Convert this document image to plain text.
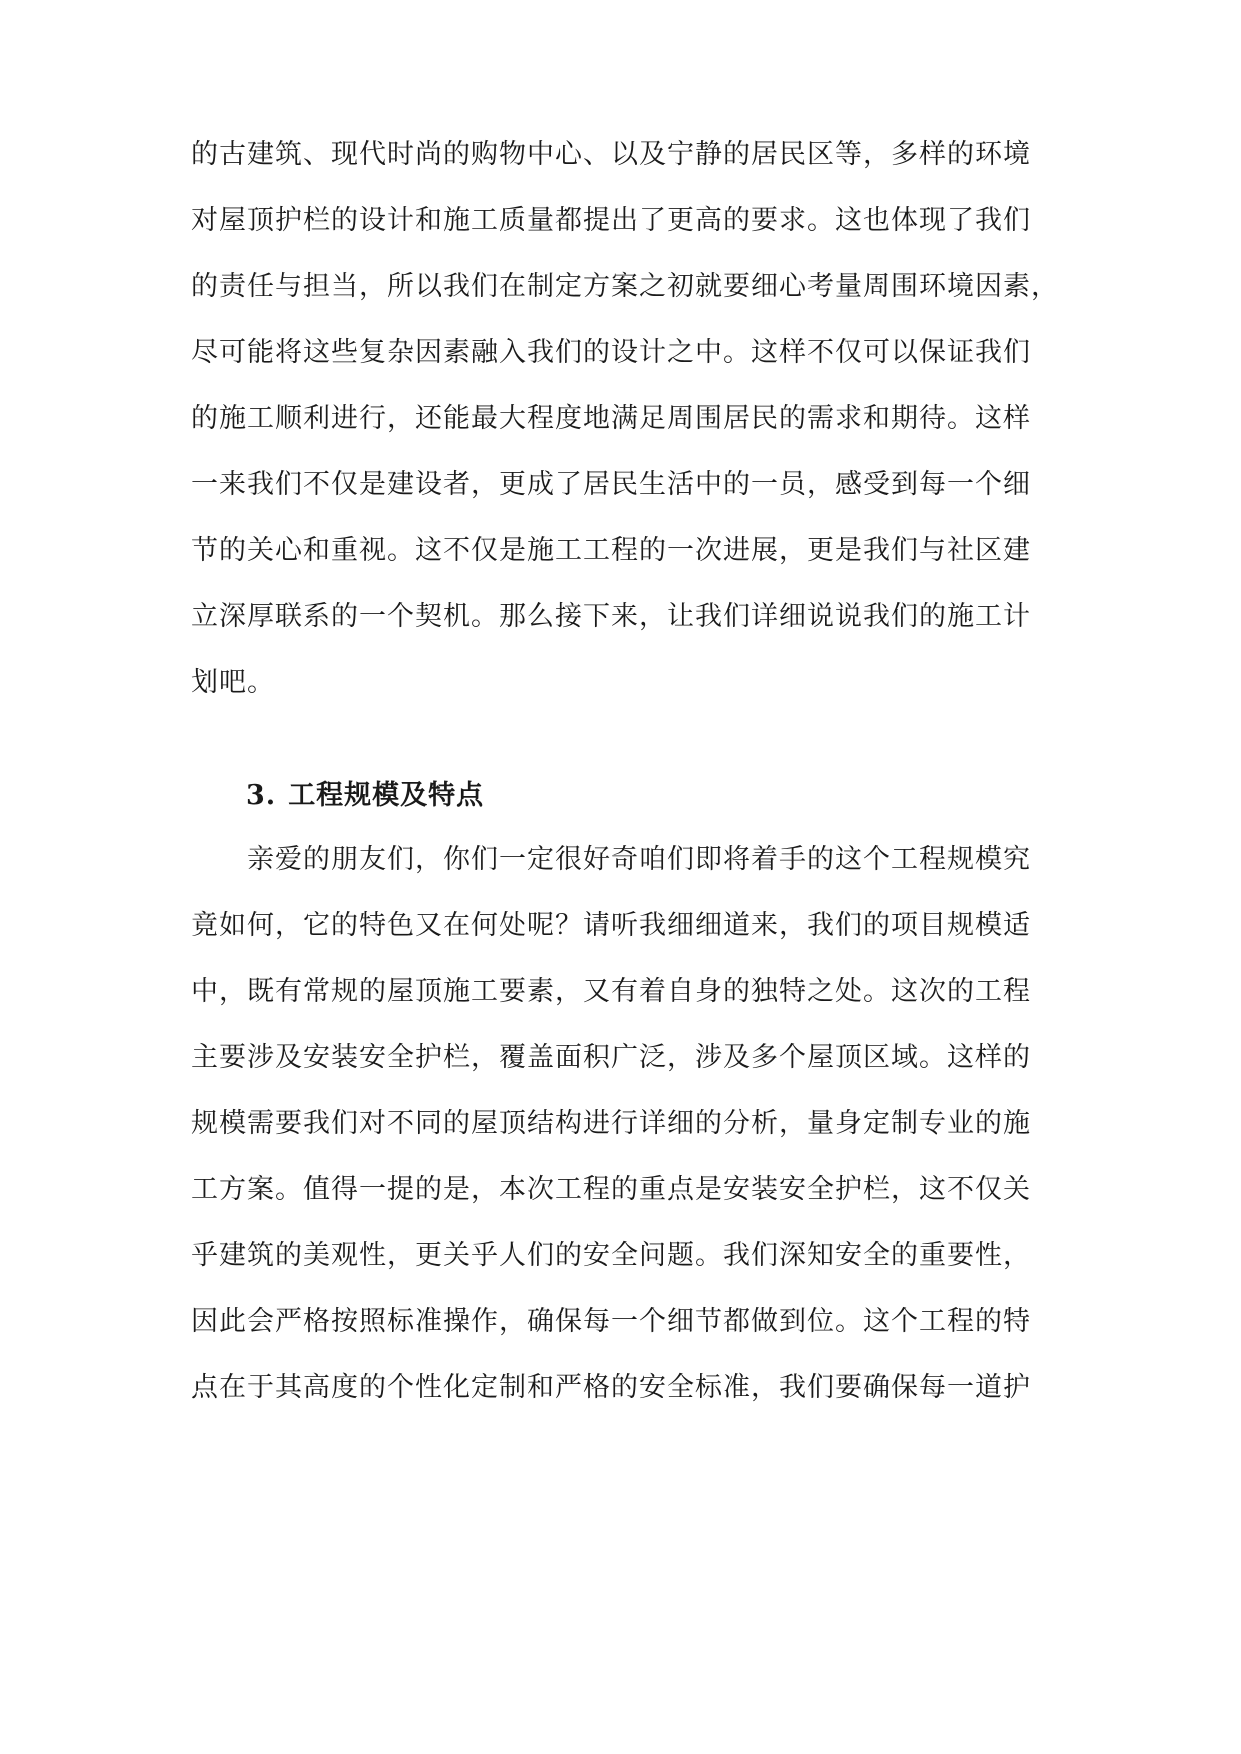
的古建筑、现代时尚的购物中心、以及宁静的居民区等，多样的环境
对屋顶护栏的设计和施工质量都提出了更高的要求。这也体现了我们
的责任与担当，所以我们在制定方案之初就要细心考量周围环境因素，
尽可能将这些复杂因素融入我们的设计之中。这样不仅可以保证我们
的施工顺利进行，还能最大程度地满足周围居民的需求和期待。这样
一来我们不仅是建设者，更成了居民生活中的一员，感受到每一个细
节的关心和重视。这不仅是施工工程的一次进展，更是我们与社区建
立深厚联系的一个契机。那么接下来，让我们详细说说我们的施工计
划吧。
3. 工程规模及特点
亲爱的朋友们，你们一定很好奇咱们即将着手的这个工程规模究
竟如何，它的特色又在何处呢？请听我细细道来，我们的项目规模适
中，既有常规的屋顶施工要素，又有着自身的独特之处。这次的工程
主要涉及安装安全护栏，覆盖面积广泛，涉及多个屋顶区域。这样的
规模需要我们对不同的屋顶结构进行详细的分析，量身定制专业的施
工方案。值得一提的是，本次工程的重点是安装安全护栏，这不仅关
乎建筑的美观性，更关乎人们的安全问题。我们深知安全的重要性，
因此会严格按照标准操作，确保每一个细节都做到位。这个工程的特
点在于其高度的个性化定制和严格的安全标准，我们要确保每一道护
